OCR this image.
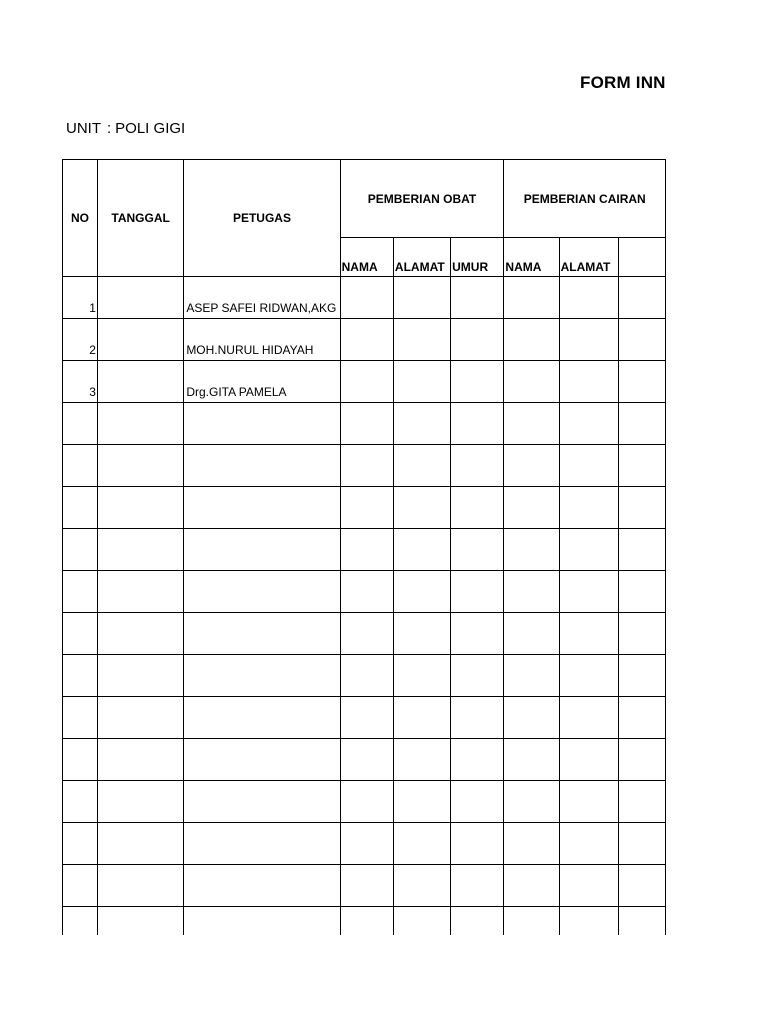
FORM INN
UNIT : POLI GIGI
NO	TANGGAL	PETUGAS	PEMBERIAN OBAT			PEMBERIAN CAIRAN		
			NAMA	ALAMAT	UMUR	NAMA	ALAMAT	
1		ASEP SAFEI RIDWAN,AKG						
2		MOH.NURUL HIDAYAH						
3		Drg.GITA PAMELA						
